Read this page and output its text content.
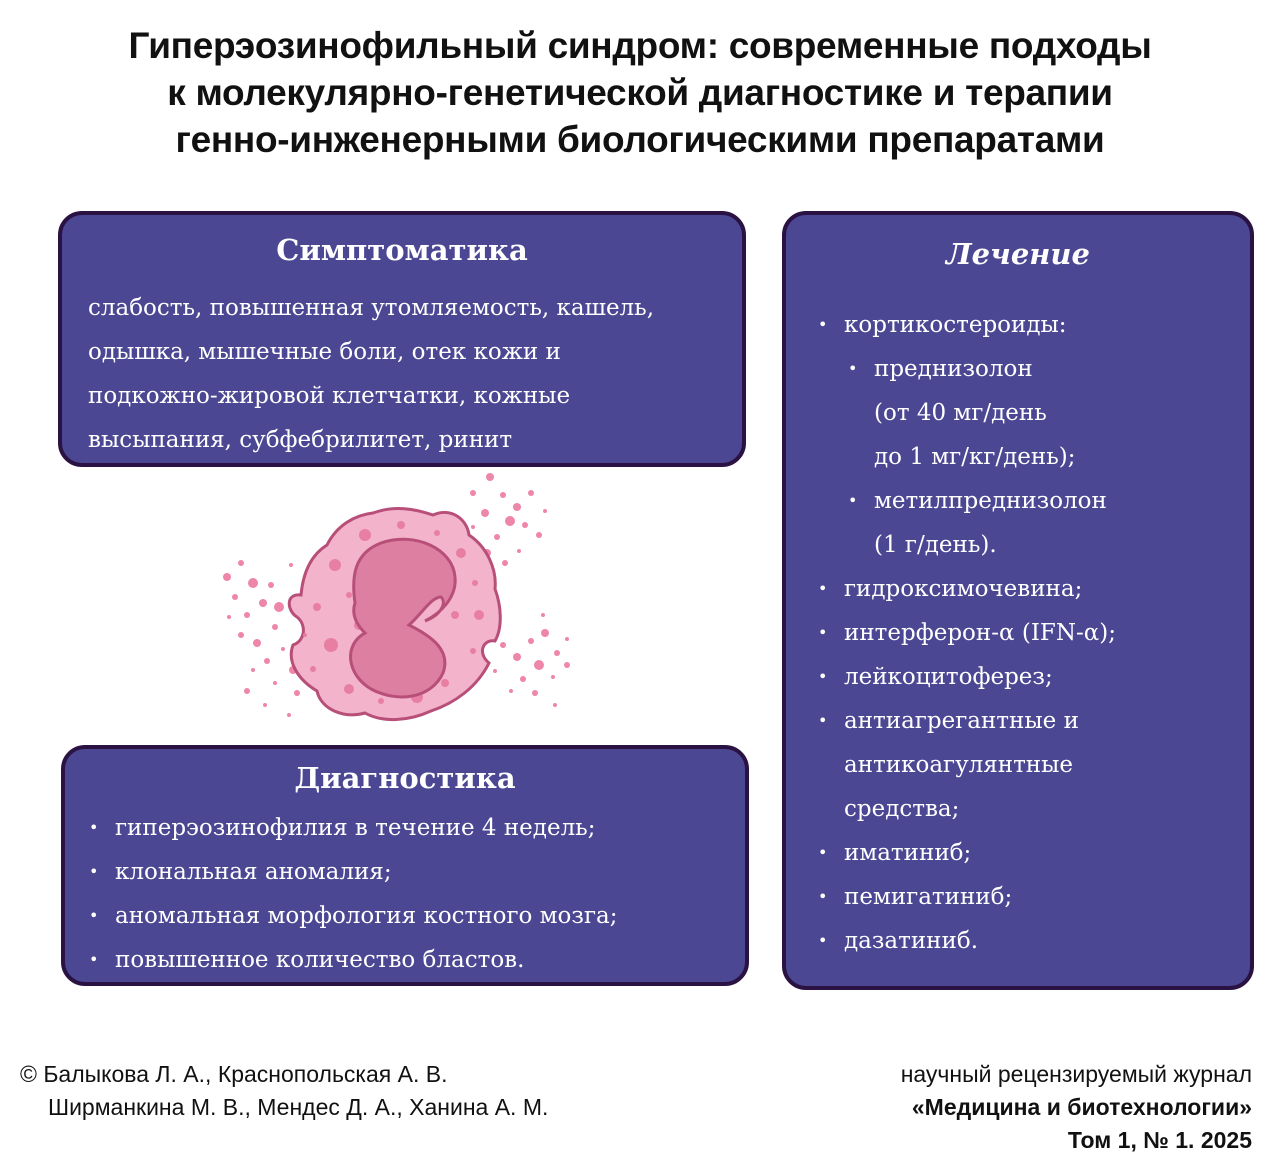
Гиперэозинофильный синдром: современные подходы
к молекулярно-генетической диагностике и терапии
генно-инженерными биологическими препаратами
Симптоматика
слабость, повышенная утомляемость, кашель,
одышка, мышечные боли, отек кожи и
подкожно-жировой клетчатки, кожные
высыпания, субфебрилитет, ринит
Диагностика
• гиперэозинофилия в течение 4 недель;
• клональная аномалия;
• аномальная морфология костного мозга;
• повышенное количество бластов.
Лечение
• кортикостероиды:
• преднизолон
(от 40 мг/день
до 1 мг/кг/день);
• метилпреднизолон
(1 г/день).
• гидроксимочевина;
• интерферон-α (IFN-α);
• лейкоцитоферез;
• антиагрегантные и
антикоагулянтные
средства;
• иматиниб;
• пемигатиниб;
• дазатиниб.
© Балыкова Л. А., Краснопольская А. В.
Ширманкина М. В., Мендес Д. А., Ханина А. М.
научный рецензируемый журнал
«Медицина и биотехнологии»
Том 1, № 1. 2025
